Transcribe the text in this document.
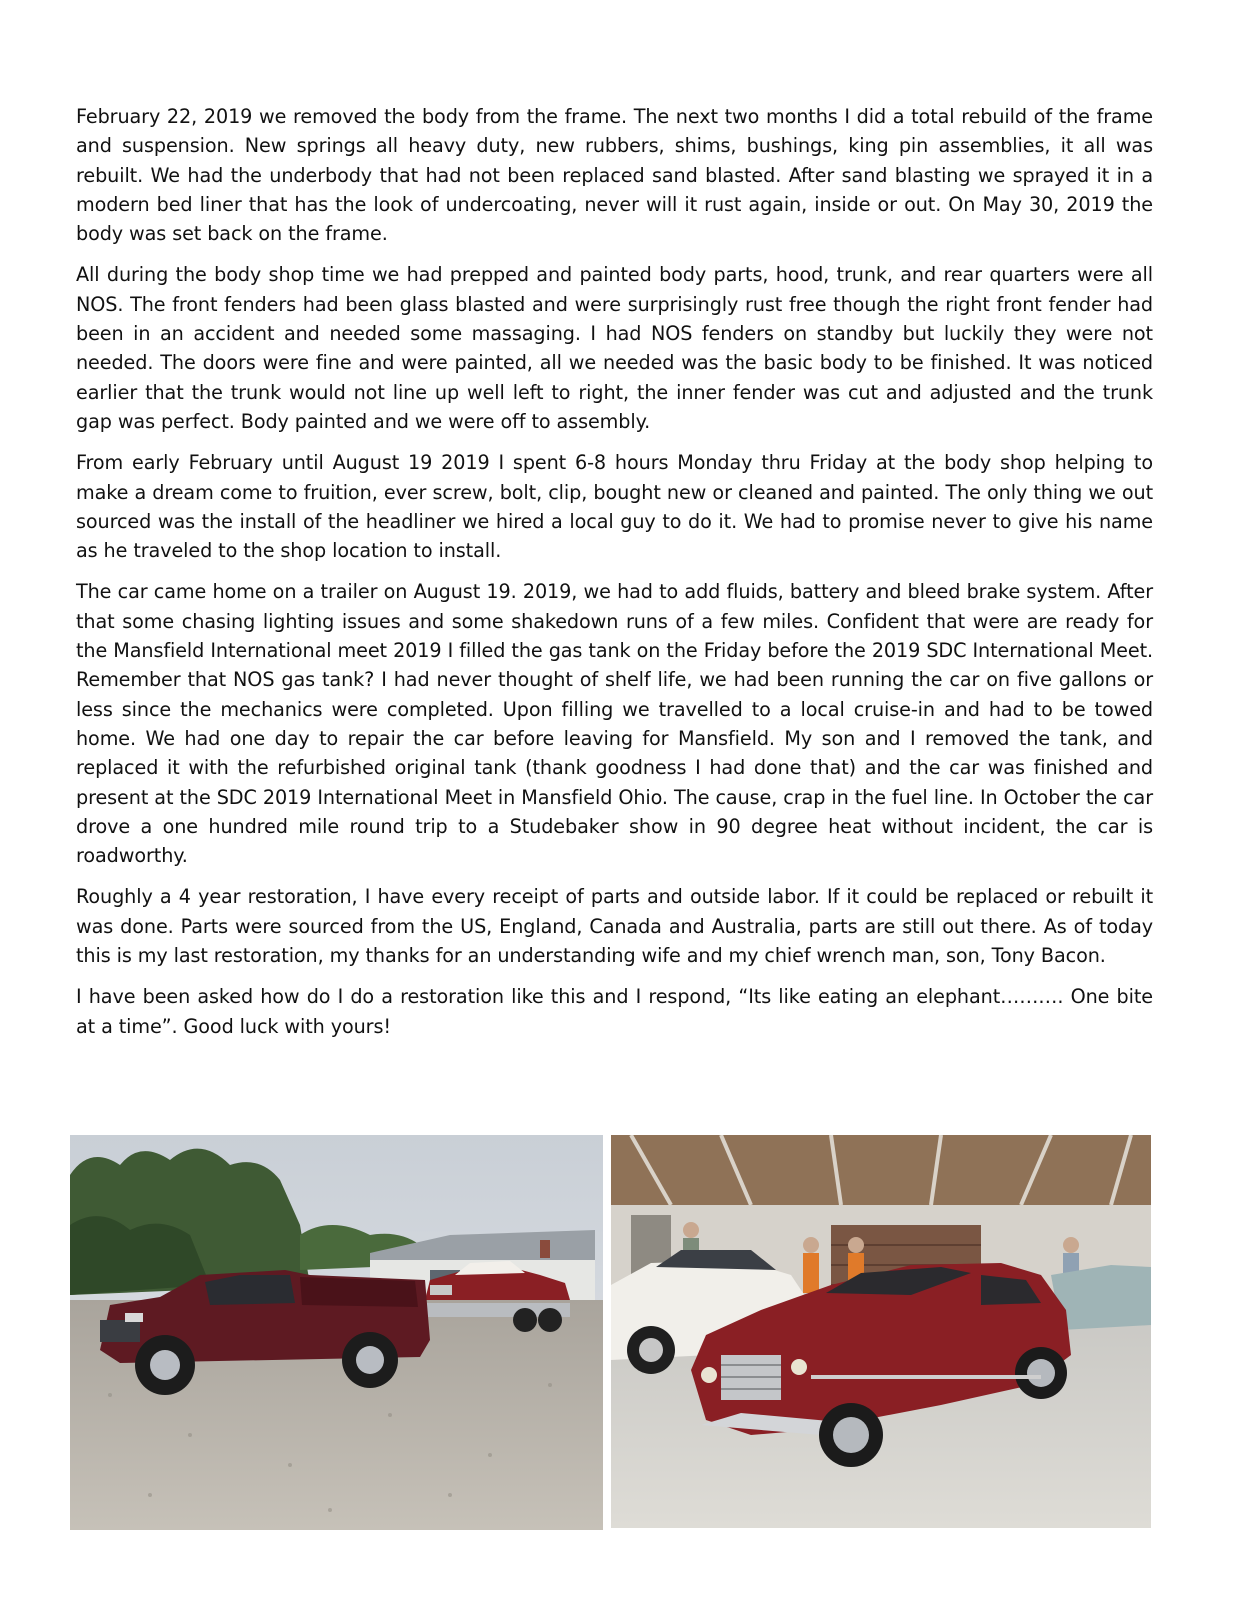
February 22, 2019 we removed the body from the frame. The next two months I did a total rebuild of the frame and suspension. New springs all heavy duty, new rubbers, shims, bushings, king pin assemblies, it all was rebuilt. We had the underbody that had not been replaced sand blasted. After sand blasting we sprayed it in a modern bed liner that has the look of undercoating, never will it rust again, inside or out. On May 30, 2019 the body was set back on the frame.

All during the body shop time we had prepped and painted body parts, hood, trunk, and rear quarters were all NOS. The front fenders had been glass blasted and were surprisingly rust free though the right front fender had been in an accident and needed some massaging. I had NOS fenders on standby but luckily they were not needed. The doors were fine and were painted, all we needed was the basic body to be finished. It was noticed earlier that the trunk would not line up well left to right, the inner fender was cut and adjusted and the trunk gap was perfect. Body painted and we were off to assembly.

From early February until August 19 2019 I spent 6-8 hours Monday thru Friday at the body shop helping to make a dream come to fruition, ever screw, bolt, clip, bought new or cleaned and painted. The only thing we out sourced was the install of the headliner we hired a local guy to do it. We had to promise never to give his name as he traveled to the shop location to install.

The car came home on a trailer on August 19. 2019, we had to add fluids, battery and bleed brake system. After that some chasing lighting issues and some shakedown runs of a few miles. Confident that were are ready for the Mansfield International meet 2019 I filled the gas tank on the Friday before the 2019 SDC International Meet. Remember that NOS gas tank? I had never thought of shelf life, we had been running the car on five gallons or less since the mechanics were completed. Upon filling we travelled to a local cruise-in and had to be towed home. We had one day to repair the car before leaving for Mansfield. My son and I removed the tank, and replaced it with the refurbished original tank (thank goodness I had done that) and the car was finished and present at the SDC 2019 International Meet in Mansfield Ohio. The cause, crap in the fuel line. In October the car drove a one hundred mile round trip to a Studebaker show in 90 degree heat without incident, the car is roadworthy.

Roughly a 4 year restoration, I have every receipt of parts and outside labor. If it could be replaced or rebuilt it was done. Parts were sourced from the US, England, Canada and Australia, parts are still out there. As of today this is my last restoration, my thanks for an understanding wife and my chief wrench man, son, Tony Bacon.

I have been asked how do I do a restoration like this and I respond, “Its like eating an elephant………. One bite at a time”. Good luck with yours!
